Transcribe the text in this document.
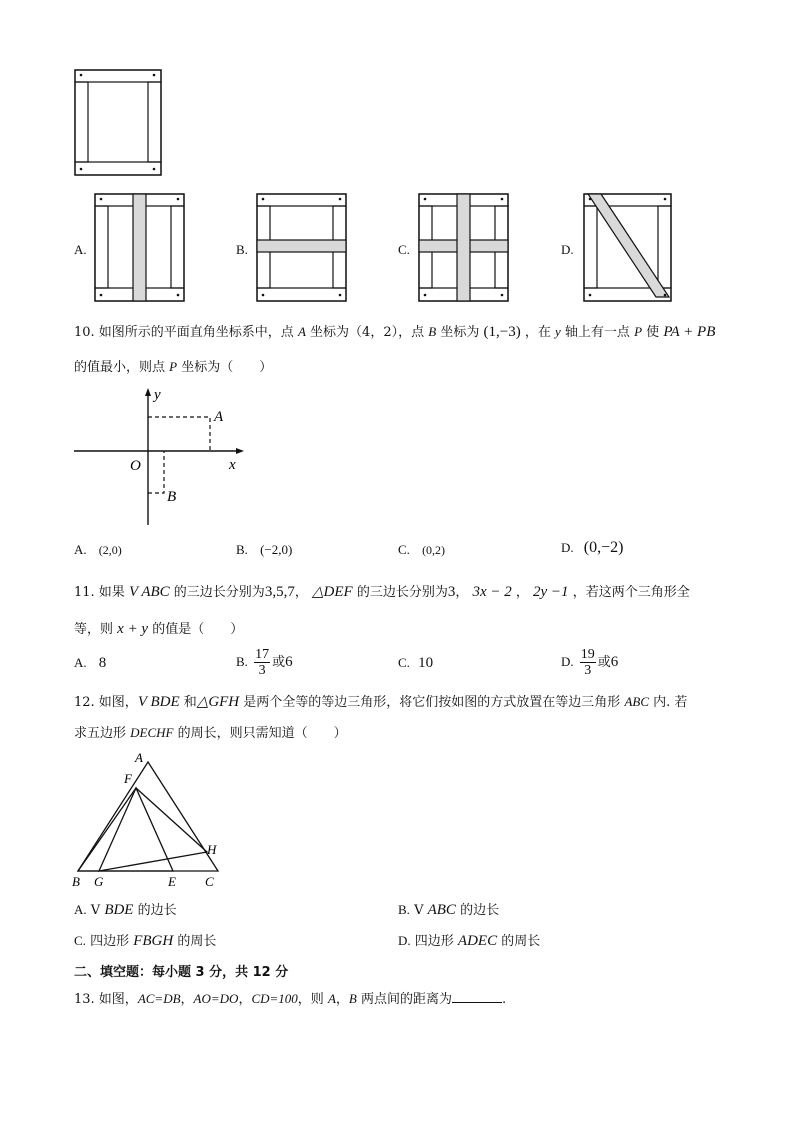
A.	B.	C.	D.
10. 如图所示的平面直角坐标系中，点 A 坐标为（4，2），点 B 坐标为 (1,−3) ，在 y 轴上有一点 P 使 PA + PB
的值最小，则点 P 坐标为（　　）
y
x
O
A
B
A. (2,0)	B. (−2,0)	C. (0,2)	D. (0,−2)
11. 如果 V ABC 的三边长分别为3,5,7， △DEF 的三边长分别为3， 3x − 2 ， 2y −1 ，若这两个三角形全
等，则 x + y 的值是（　　）
A. 8	B. $\frac{17}{3}$ 或6	C. 10	D. $\frac{19}{3}$ 或6
12. 如图，V BDE 和△GFH 是两个全等的等边三角形，将它们按如图的方式放置在等边三角形 ABC 内. 若
求五边形 DECHF 的周长，则只需知道（　　）
A
F
H
B G	E C
A. V BDE 的边长	B. V ABC 的边长
C. 四边形 FBGH 的周长	D. 四边形 ADEC 的周长
二、填空题：每小题 3 分，共 12 分
13. 如图，AC=DB，AO=DO，CD=100，则 A，B 两点间的距离为	.
